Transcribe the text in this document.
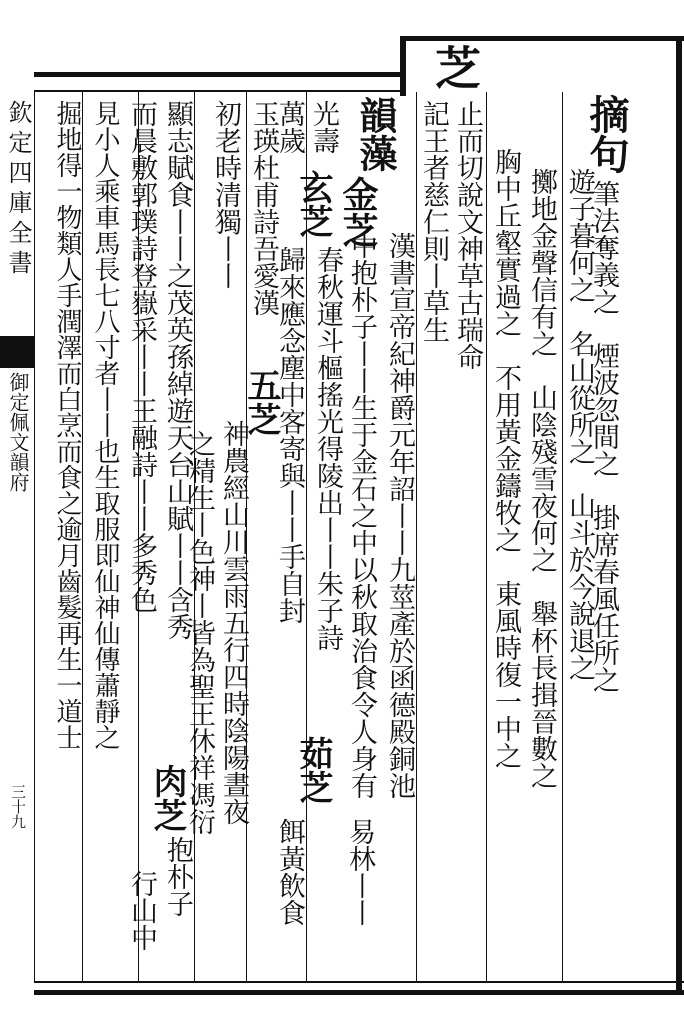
芝
摘句
筆法奪義之　煙波忽間之　掛席春風任所之
遊子暮何之　名山從所之　山斗於今說退之
擲地金聲信有之　山陰殘雪夜何之　舉杯長揖晉數之
胸中丘壑實過之　不用黃金鑄牧之　東風時復一中之
止而切說文神草古瑞命
記王者慈仁則丨草生
韻藻
金芝
漢書宣帝紀神爵元年詔丨丨九莖產於函德殿銅池
中抱朴子丨丨生于金石之中以秋取治食令人身有
光壽
玄芝
春秋運斗樞搖光得陵出丨丨朱子詩
茹芝
易林丨丨
萬歲
歸來應念塵中客寄與丨丨手自封
餌黃飲食
玉瑛杜甫詩吾愛漢
五芝
神農經山川雲雨五行四時陰陽晝夜
初老時清獨丨丨
之精生丨色神丨皆為聖王休祥馮衍
顯志賦食丨丨之茂英孫綽遊天台山賦丨丨含秀
而晨敷郭璞詩登嶽采丨丨王融詩丨丨多秀色
肉芝
見小人乘車馬長七八寸者丨丨也生取服即仙神仙傳蕭靜之
抱朴子
掘地得一物類人手潤澤而白烹而食之逾月齒髮再生一道士
行山中
欽定四庫全書
御定佩文韻府
三十九
